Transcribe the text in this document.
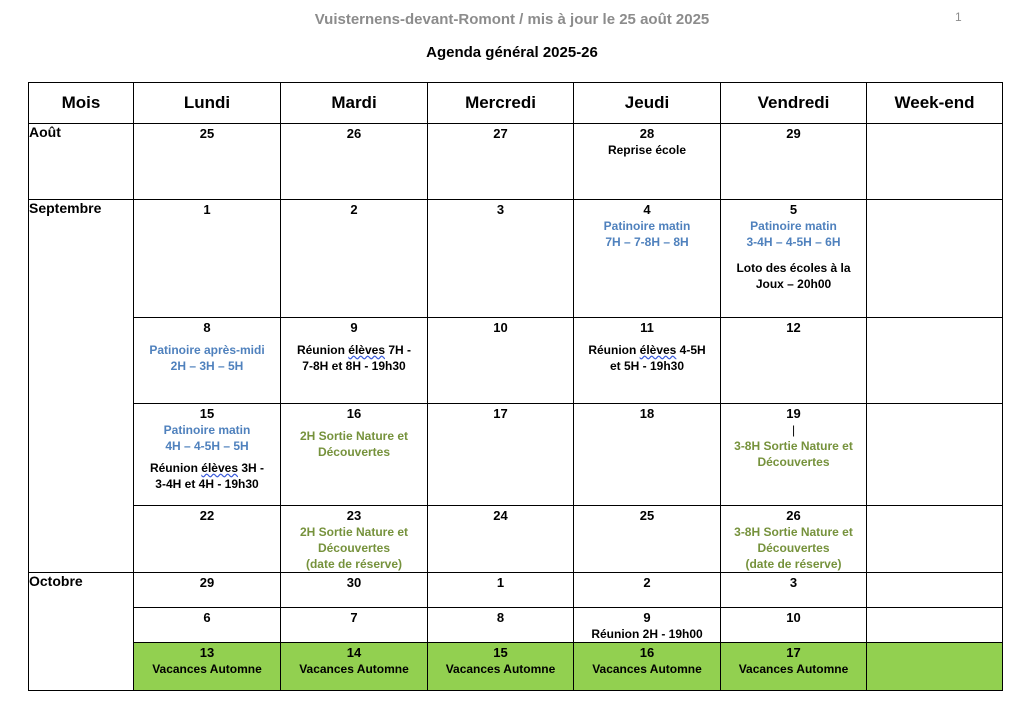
Vuisternens-devant-Romont / mis à jour le 25 août 2025	1
Agenda général 2025-26
Mois	Lundi	Mardi	Mercredi	Jeudi	Vendredi	Week-end
Août	25	26	27	28
Reprise école	29	

Septembre	1	2	3	4
Patinoire matin
7H – 7-8H – 8H	5
Patinoire matin
3-4H – 4-5H – 6H
Loto des écoles à la
Joux – 20h00	

	8
Patinoire après-midi
2H – 3H – 5H	9
Réunion élèves 7H -
7-8H et 8H - 19h30	10	11
Réunion élèves 4-5H
et 5H - 19h30	12	

	15
Patinoire matin
4H – 4-5H – 5H
Réunion élèves 3H -
3-4H et 4H - 19h30	16
2H Sortie Nature et
Découvertes	17	18	19
|
3-8H Sortie Nature et
Découvertes	

	22	23
2H Sortie Nature et
Découvertes
(date de réserve)	24	25	26
3-8H Sortie Nature et
Découvertes
(date de réserve)	

Octobre	29	30	1	2	3	

	6	7	8	9
Réunion 2H - 19h00	10	

	13
Vacances Automne	14
Vacances Automne	15
Vacances Automne	16
Vacances Automne	17
Vacances Automne	
